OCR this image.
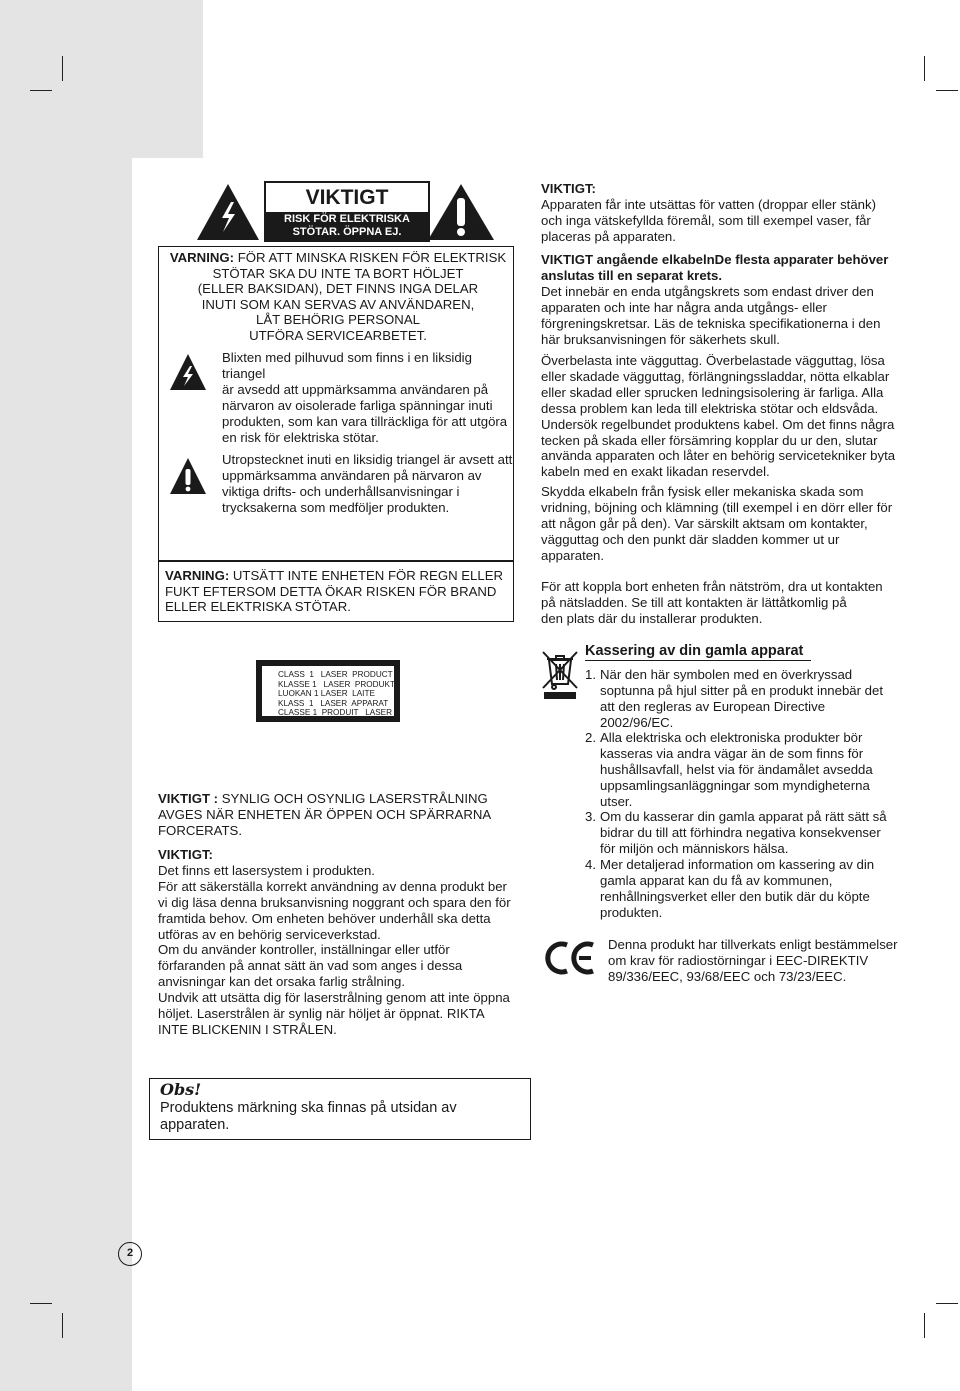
VIKTIGT
RISK FÖR ELEKTRISKA
STÖTAR. ÖPPNA EJ.
VARNING: FÖR ATT MINSKA RISKEN FÖR ELEKTRISK
STÖTAR SKA DU INTE TA BORT HÖLJET
(ELLER BAKSIDAN), DET FINNS INGA DELAR
INUTI SOM KAN SERVAS AV ANVÄNDAREN,
LÅT BEHÖRIG PERSONAL
UTFÖRA SERVICEARBETET.
Blixten med pilhuvud som finns i en liksidig triangel
är avsedd att uppmärksamma användaren på
närvaron av oisolerade farliga spänningar inuti
produkten, som kan vara tillräckliga för att utgöra
en risk för elektriska stötar.
Utropstecknet inuti en liksidig triangel är avsett att
uppmärksamma användaren på närvaron av
viktiga drifts- och underhållsanvisningar i
trycksakerna som medföljer produkten.
VARNING: UTSÄTT INTE ENHETEN FÖR REGN ELLER
FUKT EFTERSOM DETTA ÖKAR RISKEN FÖR BRAND
ELLER ELEKTRISKA STÖTAR.
CLASS  1   LASER  PRODUCT
KLASSE 1   LASER  PRODUKT
LUOKAN 1 LASER  LAITE
KLASS  1   LASER  APPARAT
CLASSE 1  PRODUIT   LASER
VIKTIGT : SYNLIG OCH OSYNLIG LASERSTRÅLNING
AVGES NÄR ENHETEN ÄR ÖPPEN OCH SPÄRRARNA
FORCERATS.
VIKTIGT:
Det finns ett lasersystem i produkten.
För att säkerställa korrekt användning av denna produkt ber
vi dig läsa denna bruksanvisning noggrant och spara den för
framtida behov. Om enheten behöver underhåll ska detta
utföras av en behörig serviceverkstad.
Om du använder kontroller, inställningar eller utför
förfaranden på annat sätt än vad som anges i dessa
anvisningar kan det orsaka farlig strålning.
Undvik att utsätta dig för laserstrålning genom att inte öppna
höljet. Laserstrålen är synlig när höljet är öppnat. RIKTA
INTE BLICKENIN I STRÅLEN.
Obs!
Produktens märkning ska finnas på utsidan av
apparaten.
VIKTIGT:
Apparaten får inte utsättas för vatten (droppar eller stänk)
och inga vätskefyllda föremål, som till exempel vaser, får
placeras på apparaten.
VIKTIGT angående elkabelnDe flesta apparater behöver
anslutas till en separat krets.
Det innebär en enda utgångskrets som endast driver den
apparaten och inte har några anda utgångs- eller
förgreningskretsar. Läs de tekniska specifikationerna i den
här bruksanvisningen för säkerhets skull.
Överbelasta inte vägguttag. Överbelastade vägguttag, lösa
eller skadade vägguttag, förlängningssladdar, nötta elkablar
eller skadad eller sprucken ledningsisolering är farliga. Alla
dessa problem kan leda till elektriska stötar och eldsvåda.
Undersök regelbundet produktens kabel. Om det finns några
tecken på skada eller försämring kopplar du ur den, slutar
använda apparaten och låter en behörig servicetekniker byta
kabeln med en exakt likadan reservdel.
Skydda elkabeln från fysisk eller mekaniska skada som
vridning, böjning och klämning (till exempel i en dörr eller för
att någon går på den). Var särskilt aktsam om kontakter,
vägguttag och den punkt där sladden kommer ut ur
apparaten.
För att koppla bort enheten från nätström, dra ut kontakten
på nätsladden. Se till att kontakten är lättåtkomlig på
den plats där du installerar produkten.
Kassering av din gamla apparat
1. När den här symbolen med en överkryssad
soptunna på hjul sitter på en produkt innebär det
att den regleras av European Directive
2002/96/EC.
2. Alla elektriska och elektroniska produkter bör
kasseras via andra vägar än de som finns för
hushållsavfall, helst via för ändamålet avsedda
uppsamlingsanläggningar som myndigheterna
utser.
3. Om du kasserar din gamla apparat på rätt sätt så
bidrar du till att förhindra negativa konsekvenser
för miljön och människors hälsa.
4. Mer detaljerad information om kassering av din
gamla apparat kan du få av kommunen,
renhållningsverket eller den butik där du köpte
produkten.
Denna produkt har tillverkats enligt bestämmelser
om krav för radiostörningar i EEC-DIREKTIV
89/336/EEC, 93/68/EEC och 73/23/EEC.
2
